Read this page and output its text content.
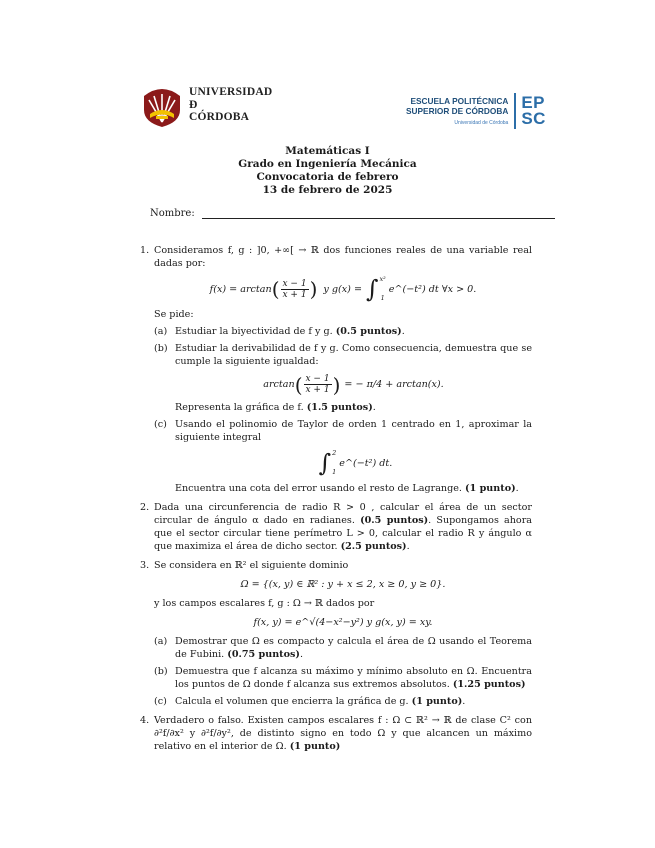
UNIVERSIDAD
Đ
CÓRDOBA
ESCUELA POLITÉCNICA
SUPERIOR DE CÓRDOBA
Universidad de Córdoba
EP
SC
Matemáticas I
Grado en Ingeniería Mecánica
Convocatoria de febrero
13 de febrero de 2025
Nombre:
1. Consideramos f, g : ]0, +∞[ → ℝ dos funciones reales de una variable real dadas por:
f(x) = arctan ( $\frac{x - 1}{x + 1}$ ) y g(x) = ∫ x²
1
e^(−t²) dt ∀x > 0.
Se pide:
(a) Estudiar la biyectividad de f y g. (0.5 puntos).
(b) Estudiar la derivabilidad de f y g. Como consecuencia, demuestra que se cumple la siguiente igualdad:
arctan ( $\frac{x - 1}{x + 1}$ ) = − π/4 + arctan(x).
Representa la gráfica de f. (1.5 puntos).
(c) Usando el polinomio de Taylor de orden 1 centrado en 1, aproximar la siguiente integral
∫ 2
1
e^(−t²) dt.
Encuentra una cota del error usando el resto de Lagrange. (1 punto).
2. Dada una circunferencia de radio R > 0 , calcular el área de un sector circular de ángulo α dado en radianes. (0.5 puntos). Supongamos ahora que el sector circular tiene perímetro L > 0, calcular el radio R y ángulo α que maximiza el área de dicho sector. (2.5 puntos).
3. Se considera en ℝ² el siguiente dominio
Ω = {(x, y) ∈ ℝ² : y + x ≤ 2, x ≥ 0, y ≥ 0}.
y los campos escalares f, g : Ω → ℝ dados por
f(x, y) = e^√(4−x²−y²) y g(x, y) = xy.
(a) Demostrar que Ω es compacto y calcula el área de Ω usando el Teorema de Fubini. (0.75 puntos).
(b) Demuestra que f alcanza su máximo y mínimo absoluto en Ω. Encuentra los puntos de Ω donde f alcanza sus extremos absolutos. (1.25 puntos)
(c) Calcula el volumen que encierra la gráfica de g. (1 punto).
4. Verdadero o falso. Existen campos escalares f : Ω ⊂ ℝ² → ℝ de clase C² con ∂²f/∂x² y ∂²f/∂y², de distinto signo en todo Ω y que alcancen un máximo relativo en el interior de Ω. (1 punto)
